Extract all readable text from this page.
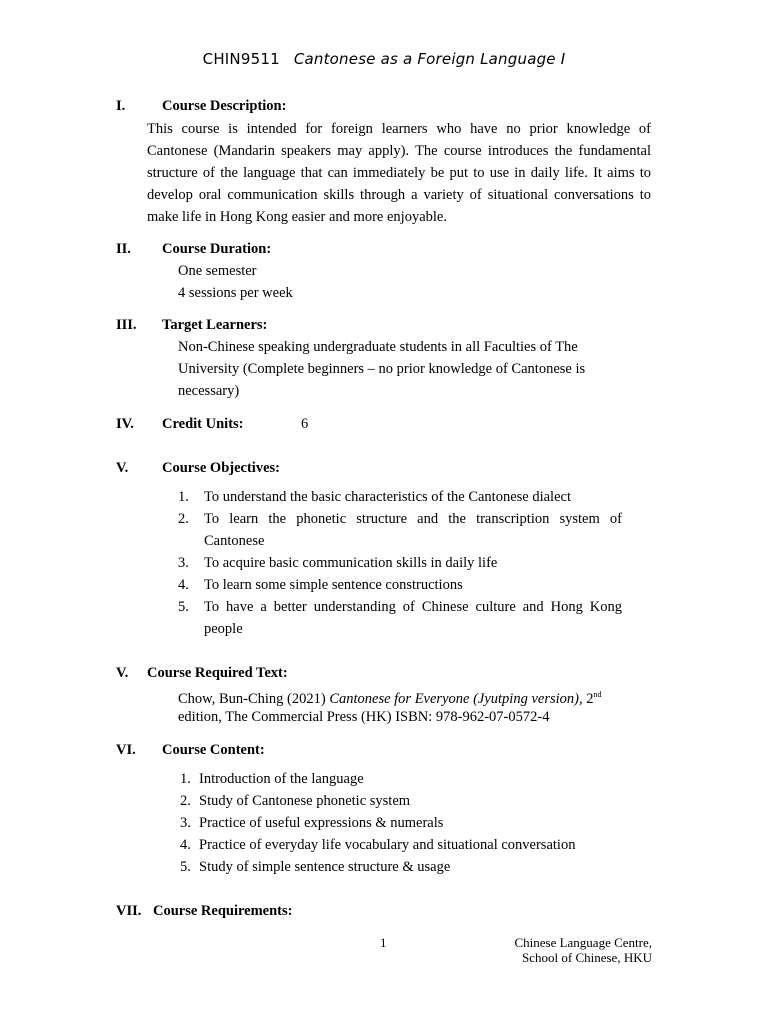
CHIN9511 Cantonese as a Foreign Language I
I.	Course Description:
This course is intended for foreign learners who have no prior knowledge of Cantonese (Mandarin speakers may apply). The course introduces the fundamental structure of the language that can immediately be put to use in daily life. It aims to develop oral communication skills through a variety of situational conversations to make life in Hong Kong easier and more enjoyable.
II. Course Duration:
One semester
4 sessions per week
III. Target Learners:
Non-Chinese speaking undergraduate students in all Faculties of The
University (Complete beginners – no prior knowledge of Cantonese is
necessary)
IV. Credit Units:	6
V. Course Objectives:
1. To understand the basic characteristics of the Cantonese dialect
2. To learn the phonetic structure and the transcription system of Cantonese
3. To acquire basic communication skills in daily life
4. To learn some simple sentence constructions
5. To have a better understanding of Chinese culture and Hong Kong people
V. Course Required Text:
Chow, Bun-Ching (2021) Cantonese for Everyone (Jyutping version), 2nd
edition, The Commercial Press (HK) ISBN: 978-962-07-0572-4
VI. Course Content:
1. Introduction of the language
2. Study of Cantonese phonetic system
3. Practice of useful expressions & numerals
4. Practice of everyday life vocabulary and situational conversation
5. Study of simple sentence structure & usage
VII. Course Requirements:
1	Chinese Language Centre,
School of Chinese, HKU
